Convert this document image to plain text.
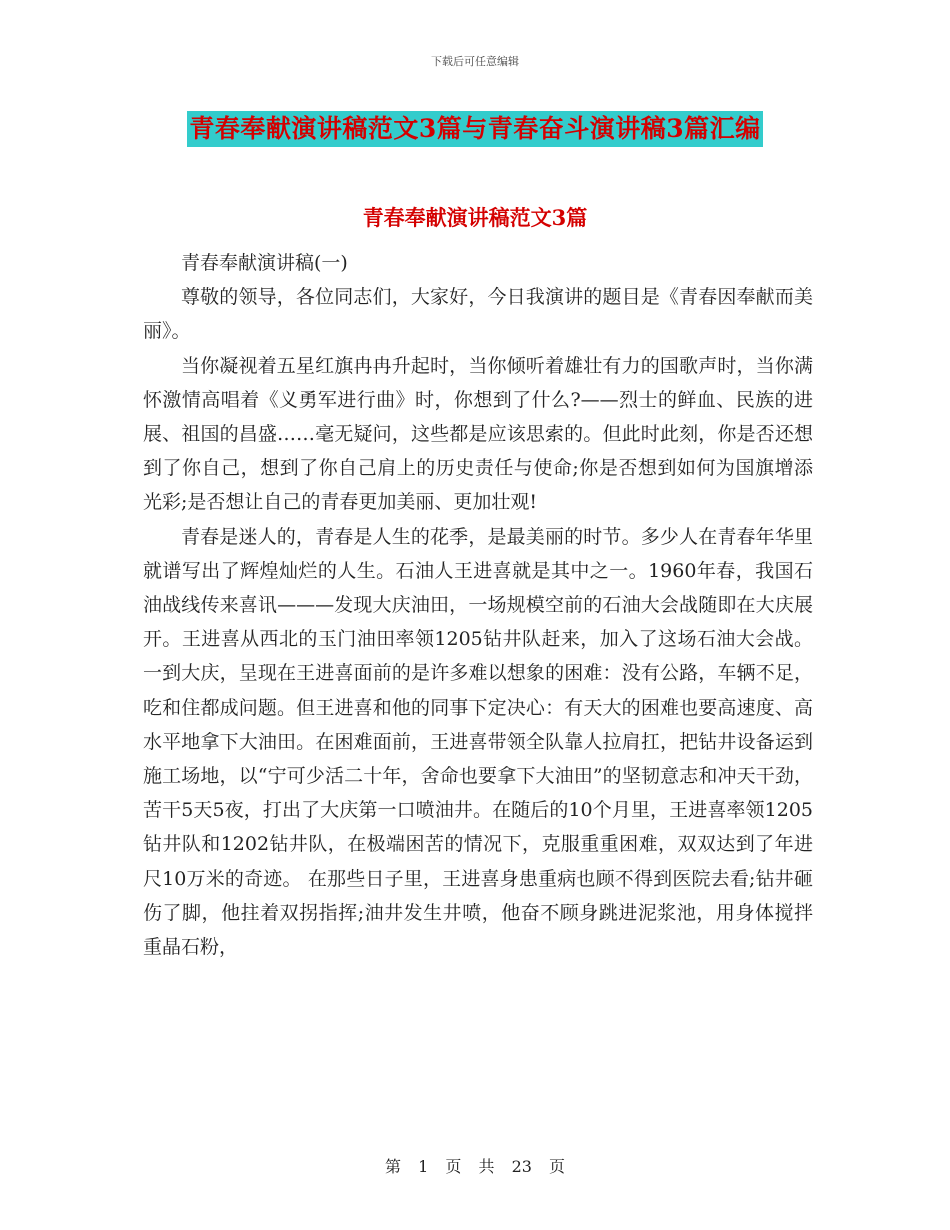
下载后可任意编辑
青春奉献演讲稿范文3篇与青春奋斗演讲稿3篇汇编
青春奉献演讲稿范文3篇

青春奉献演讲稿(一)

尊敬的领导，各位同志们，大家好，今日我演讲的题目是《青春因奉献而美丽》。

当你凝视着五星红旗冉冉升起时，当你倾听着雄壮有力的国歌声时，当你满怀激情高唱着《义勇军进行曲》时，你想到了什么?——烈士的鲜血、民族的进展、祖国的昌盛……毫无疑问，这些都是应该思索的。但此时此刻，你是否还想到了你自己，想到了你自己肩上的历史责任与使命;你是否想到如何为国旗增添光彩;是否想让自己的青春更加美丽、更加壮观!

青春是迷人的，青春是人生的花季，是最美丽的时节。多少人在青春年华里就谱写出了辉煌灿烂的人生。石油人王进喜就是其中之一。1960年春，我国石油战线传来喜讯———发现大庆油田，一场规模空前的石油大会战随即在大庆展开。王进喜从西北的玉门油田率领1205钻井队赶来，加入了这场石油大会战。一到大庆，呈现在王进喜面前的是许多难以想象的困难：没有公路，车辆不足，吃和住都成问题。但王进喜和他的同事下定决心：有天大的困难也要高速度、高水平地拿下大油田。在困难面前，王进喜带领全队靠人拉肩扛，把钻井设备运到施工场地，以“宁可少活二十年，舍命也要拿下大油田”的坚韧意志和冲天干劲，苦干5天5夜，打出了大庆第一口喷油井。在随后的10个月里，王进喜率领1205钻井队和1202钻井队，在极端困苦的情况下，克服重重困难，双双达到了年进尺10万米的奇迹。 在那些日子里，王进喜身患重病也顾不得到医院去看;钻井砸伤了脚，他拄着双拐指挥;油井发生井喷，他奋不顾身跳进泥浆池，用身体搅拌重晶石粉，

第 1 页 共 23 页
